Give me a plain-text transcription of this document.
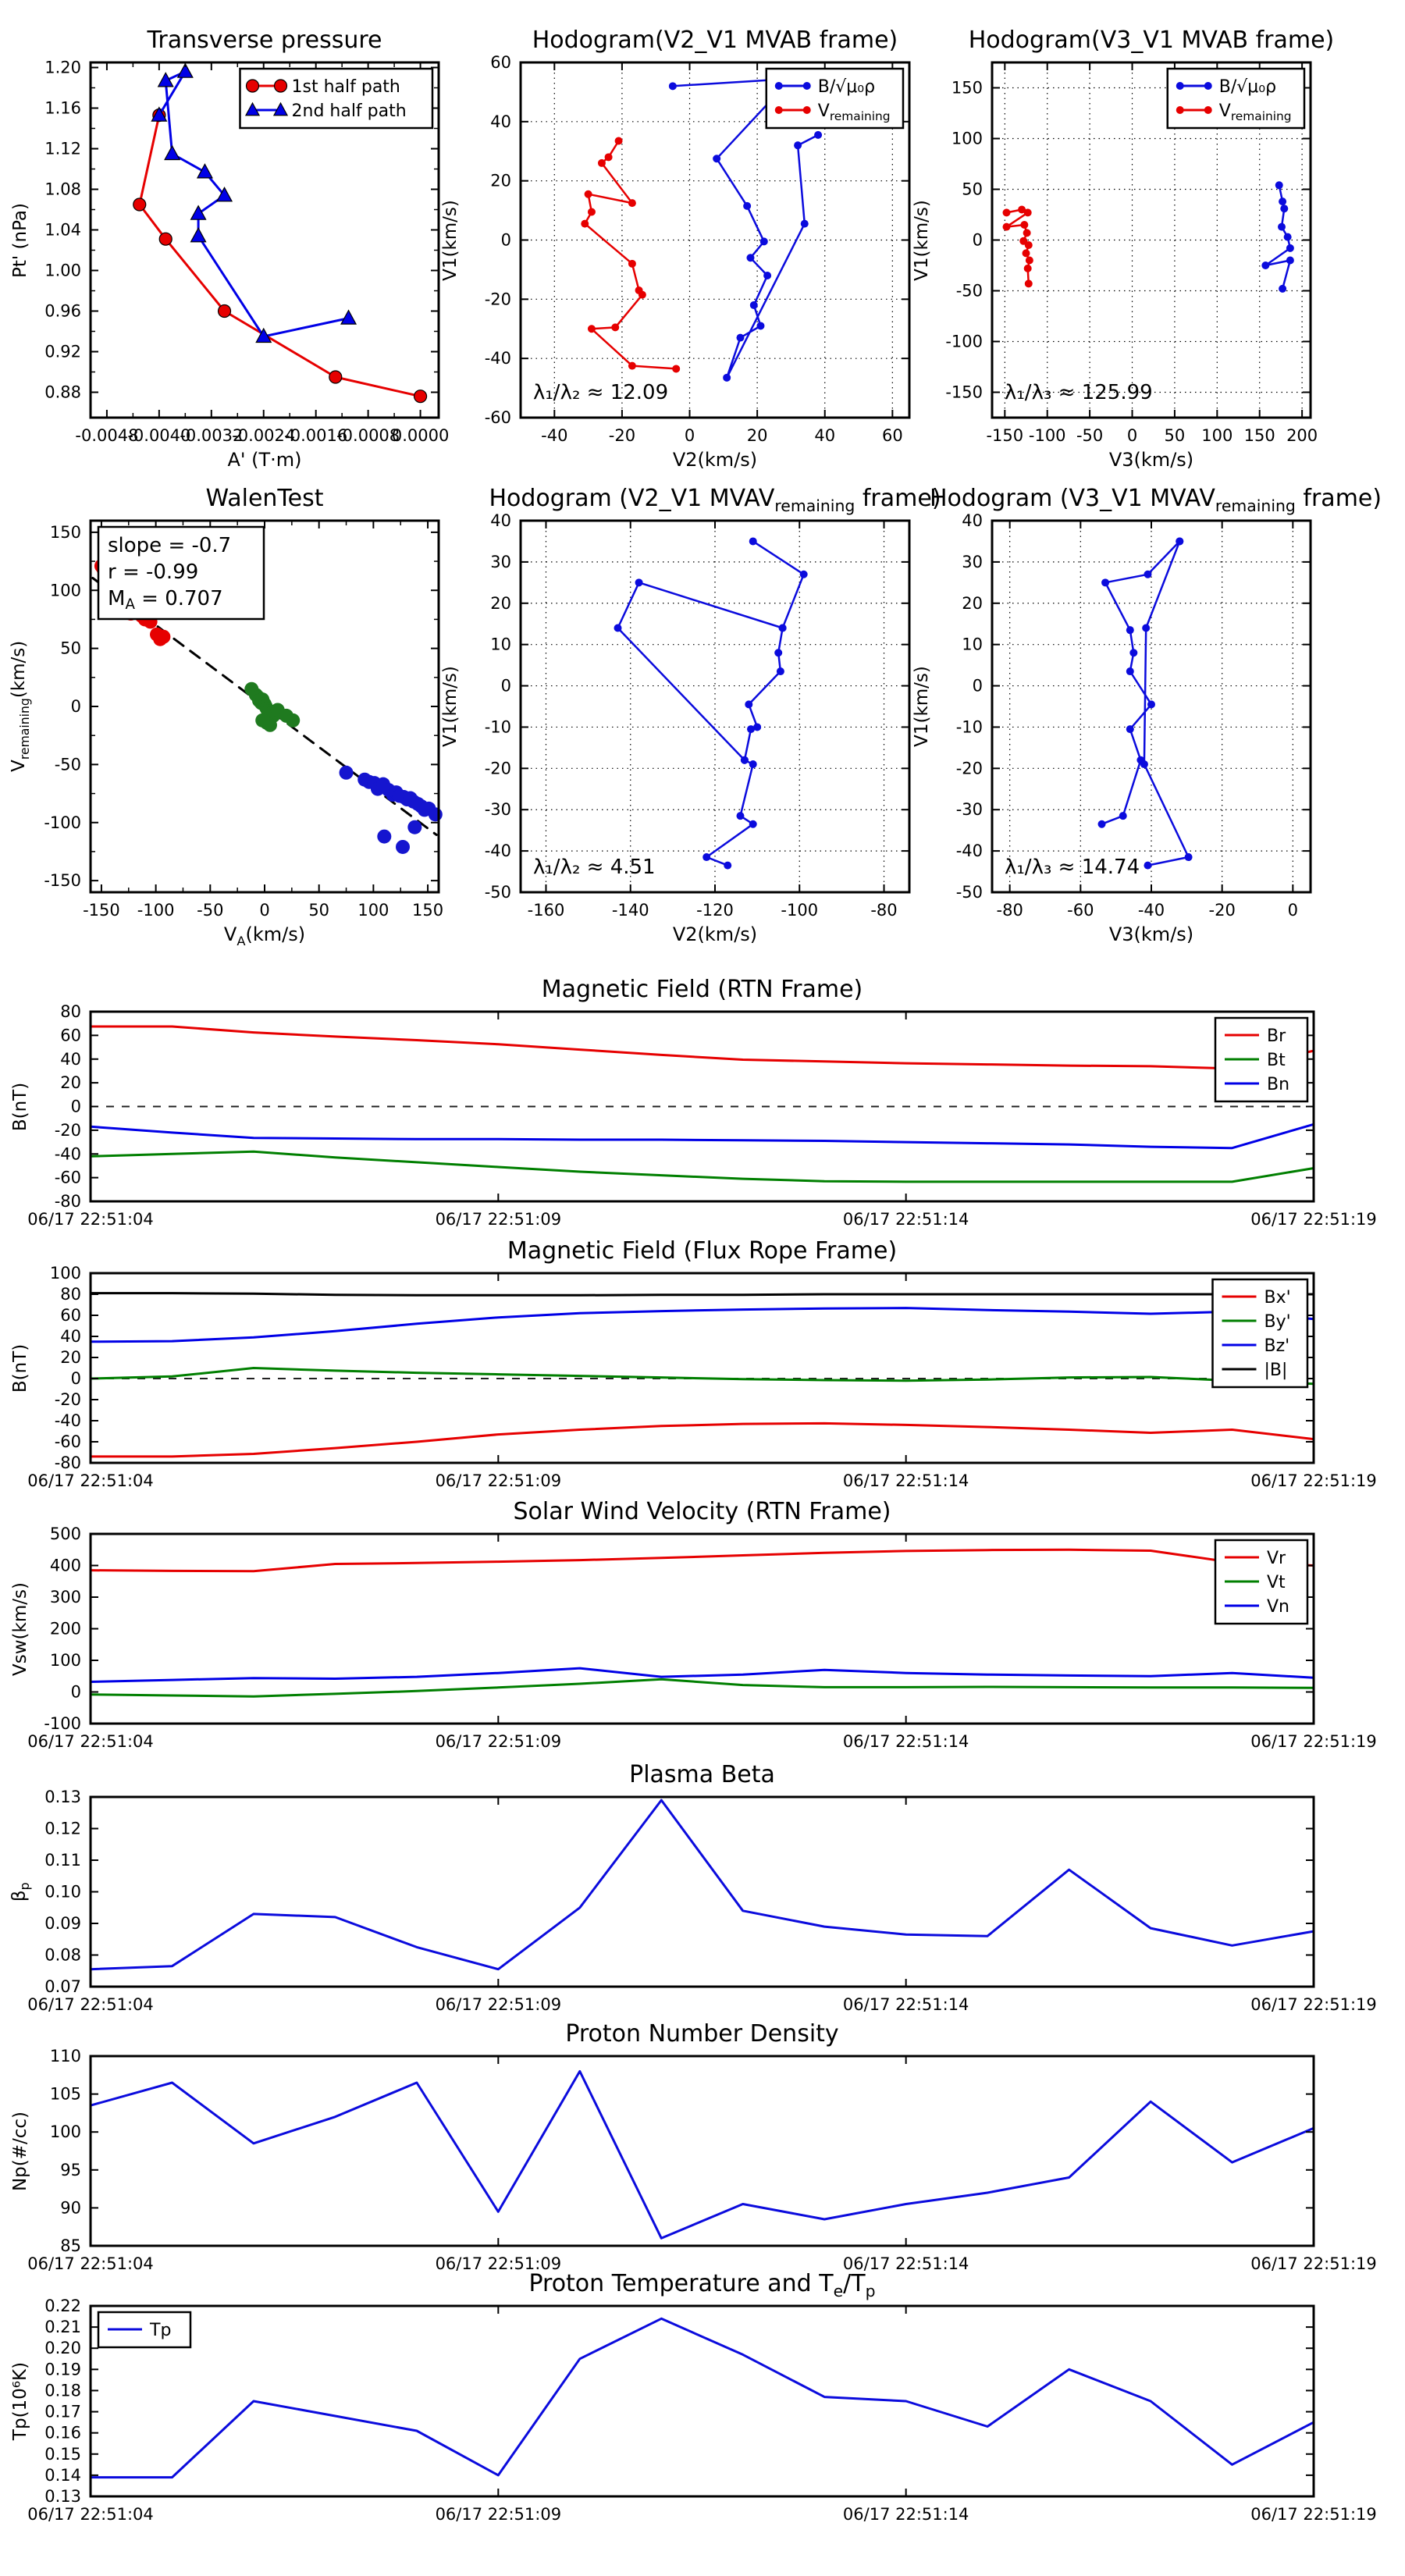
Transverse pressure
Pt' (nPa)
A' (T·m)
-0.0048
-0.0040
-0.0032
-0.0024
-0.0016
-0.0008
0.0000
0.88
0.92
0.96
1.00
1.04
1.08
1.12
1.16
1.20
1st half path
2nd half path
Hodogram(V2_V1 MVAB frame)
V1(km/s)
V2(km/s)
-40 -20	0	20	40	60
-60
-40
-20
0
20
40
60
λ₁/λ₂ ≈ 12.09
B/√μ₀ρ
$V_{remaining}$
Hodogram(V3_V1 MVAB frame)
V1(km/s)
V3(km/s)
-150 -100 -50 0 50 100 150 200
-150
-100
-50
0
50
100
150
λ₁/λ₃ ≈ 125.99
B/√μ₀ρ
$V_{remaining}$
WalenTest
$V_{remaining}(km/s)$
$V_A(km/s)$
-150 -100 -50 0 50 100 150
-150
-100
-50
0
50
100
150
slope = -0.7
r = -0.99
MA = 0.707
Hodogram (V2_V1 $MVAV_{remaining}$ frame)
V1(km/s)
V2(km/s)
-160	-140	-120	-100	-80
-50
-40
-30
-20
-10
0
10
20
30
40
λ₁/λ₂ ≈ 4.51
Hodogram (V3_V1 $MVAV_{remaining}$ frame)
V1(km/s)
V3(km/s)
-80	-60	-40	-20	0
-50
-40
-30
-20
-10
0
10
20
30
40
λ₁/λ₃ ≈ 14.74
Magnetic Field (RTN Frame)
B(nT)
06/17 22:51:04	06/17 22:51:09	06/17 22:51:14	06/17 22:51:19
-80
-60
-40
-20
0
20
40
60
80
Br
Bt
Bn
Magnetic Field (Flux Rope Frame)
B(nT)
06/17 22:51:04	06/17 22:51:09	06/17 22:51:14	06/17 22:51:19
-80
-60
-40
-20
0
20
40
60
80
100
Bx'
By'
Bz'
|B|
Solar Wind Velocity (RTN Frame)
Vsw(km/s)
06/17 22:51:04	06/17 22:51:09	06/17 22:51:14	06/17 22:51:19
-100
0
100
200
300
400
500
Vr
Vt
Vn
Plasma Beta
$\beta_p$
06/17 22:51:04	06/17 22:51:09	06/17 22:51:14	06/17 22:51:19
0.07
0.08
0.09
0.10
0.11
0.12
0.13
Proton Number Density
Np(#/cc)
06/17 22:51:04	06/17 22:51:09	06/17 22:51:14	06/17 22:51:19
85
90
95
100
105
110
Proton Temperature and $T_e/T_p$
Tp(10⁶K)
06/17 22:51:04	06/17 22:51:09	06/17 22:51:14	06/17 22:51:19
0.13
0.14
0.15
0.16
0.17
0.18
0.19
0.20
0.21
0.22
Tp
